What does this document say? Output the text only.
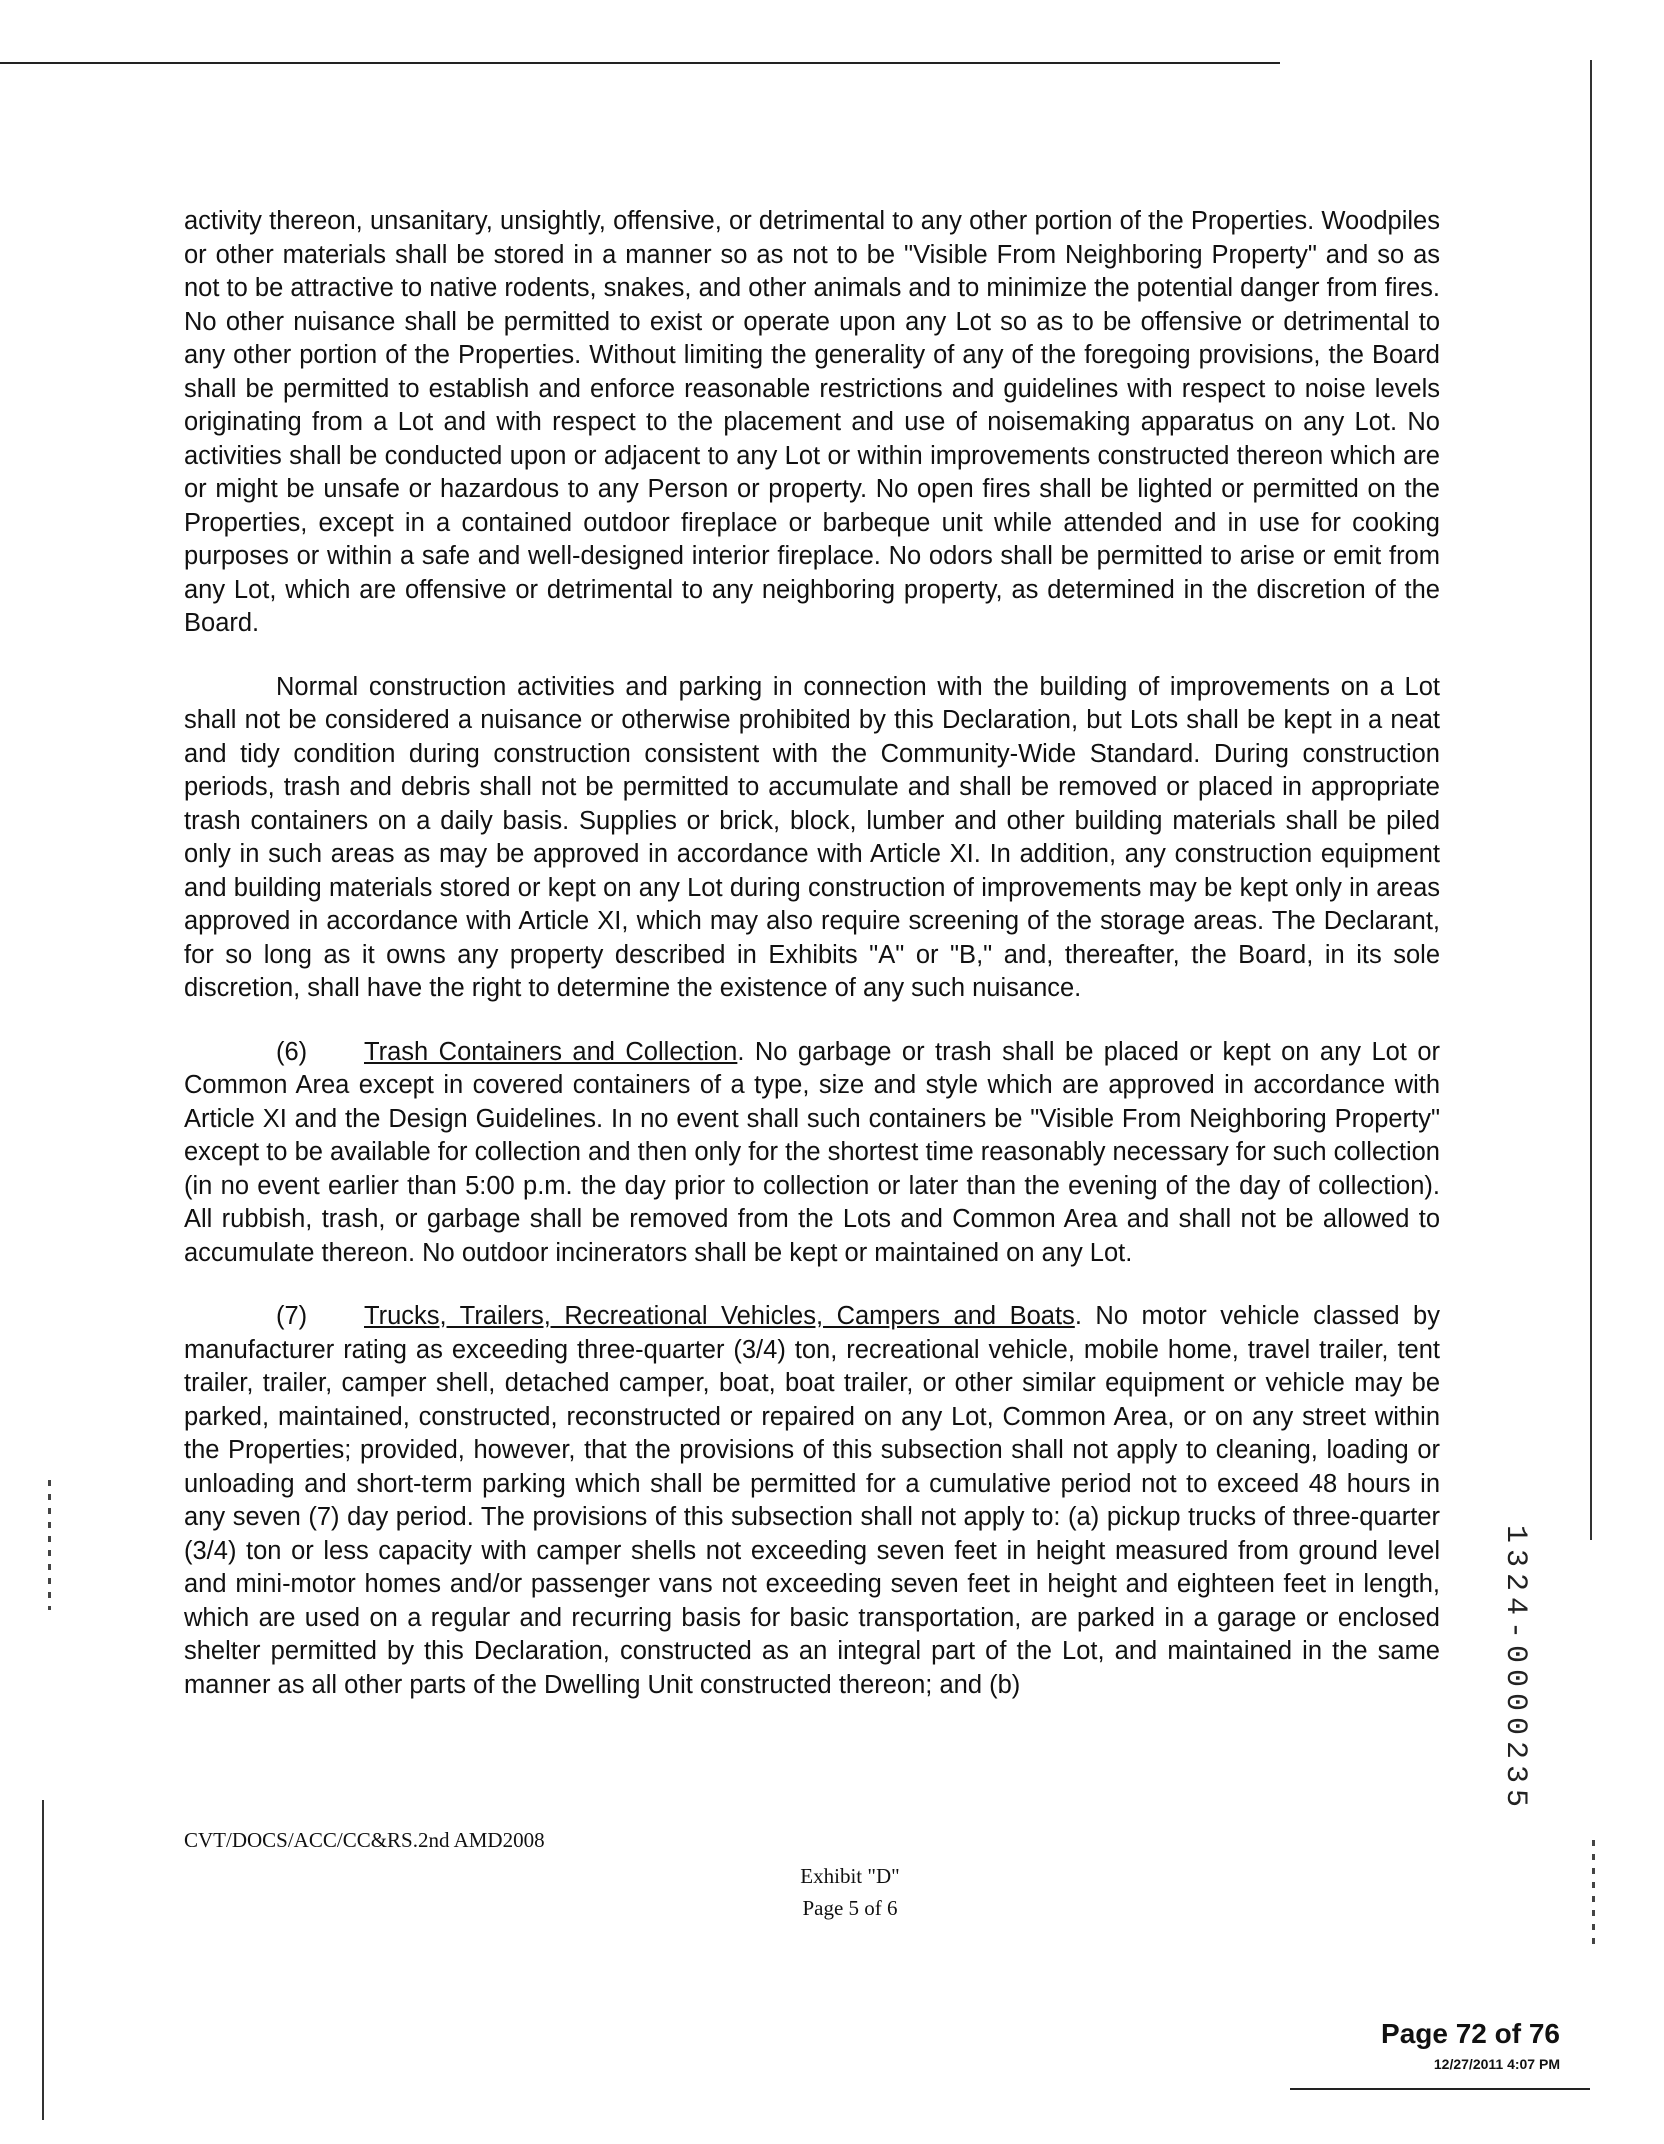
activity thereon, unsanitary, unsightly, offensive, or detrimental to any other portion of the Properties. Woodpiles or other materials shall be stored in a manner so as not to be "Visible From Neighboring Property" and so as not to be attractive to native rodents, snakes, and other animals and to minimize the potential danger from fires. No other nuisance shall be permitted to exist or operate upon any Lot so as to be offensive or detrimental to any other portion of the Properties. Without limiting the generality of any of the foregoing provisions, the Board shall be permitted to establish and enforce reasonable restrictions and guidelines with respect to noise levels originating from a Lot and with respect to the placement and use of noisemaking apparatus on any Lot. No activities shall be conducted upon or adjacent to any Lot or within improvements constructed thereon which are or might be unsafe or hazardous to any Person or property. No open fires shall be lighted or permitted on the Properties, except in a contained outdoor fireplace or barbeque unit while attended and in use for cooking purposes or within a safe and well-designed interior fireplace. No odors shall be permitted to arise or emit from any Lot, which are offensive or detrimental to any neighboring property, as determined in the discretion of the Board.

Normal construction activities and parking in connection with the building of improvements on a Lot shall not be considered a nuisance or otherwise prohibited by this Declaration, but Lots shall be kept in a neat and tidy condition during construction consistent with the Community-Wide Standard. During construction periods, trash and debris shall not be permitted to accumulate and shall be removed or placed in appropriate trash containers on a daily basis. Supplies or brick, block, lumber and other building materials shall be piled only in such areas as may be approved in accordance with Article XI. In addition, any construction equipment and building materials stored or kept on any Lot during construction of improvements may be kept only in areas approved in accordance with Article XI, which may also require screening of the storage areas. The Declarant, for so long as it owns any property described in Exhibits "A" or "B," and, thereafter, the Board, in its sole discretion, shall have the right to determine the existence of any such nuisance.

(6) Trash Containers and Collection. No garbage or trash shall be placed or kept on any Lot or Common Area except in covered containers of a type, size and style which are approved in accordance with Article XI and the Design Guidelines. In no event shall such containers be "Visible From Neighboring Property" except to be available for collection and then only for the shortest time reasonably necessary for such collection (in no event earlier than 5:00 p.m. the day prior to collection or later than the evening of the day of collection). All rubbish, trash, or garbage shall be removed from the Lots and Common Area and shall not be allowed to accumulate thereon. No outdoor incinerators shall be kept or maintained on any Lot.

(7) Trucks, Trailers, Recreational Vehicles, Campers and Boats. No motor vehicle classed by manufacturer rating as exceeding three-quarter (3/4) ton, recreational vehicle, mobile home, travel trailer, tent trailer, trailer, camper shell, detached camper, boat, boat trailer, or other similar equipment or vehicle may be parked, maintained, constructed, reconstructed or repaired on any Lot, Common Area, or on any street within the Properties; provided, however, that the provisions of this subsection shall not apply to cleaning, loading or unloading and short-term parking which shall be permitted for a cumulative period not to exceed 48 hours in any seven (7) day period. The provisions of this subsection shall not apply to: (a) pickup trucks of three-quarter (3/4) ton or less capacity with camper shells not exceeding seven feet in height measured from ground level and mini-motor homes and/or passenger vans not exceeding seven feet in height and eighteen feet in length, which are used on a regular and recurring basis for basic transportation, are parked in a garage or enclosed shelter permitted by this Declaration, constructed as an integral part of the Lot, and maintained in the same manner as all other parts of the Dwelling Unit constructed thereon; and (b)	1324-0000235
CVT/DOCS/ACC/CC&RS.2nd AMD2008
Exhibit "D"
Page 5 of 6
Page 72 of 76
12/27/2011 4:07 PM
